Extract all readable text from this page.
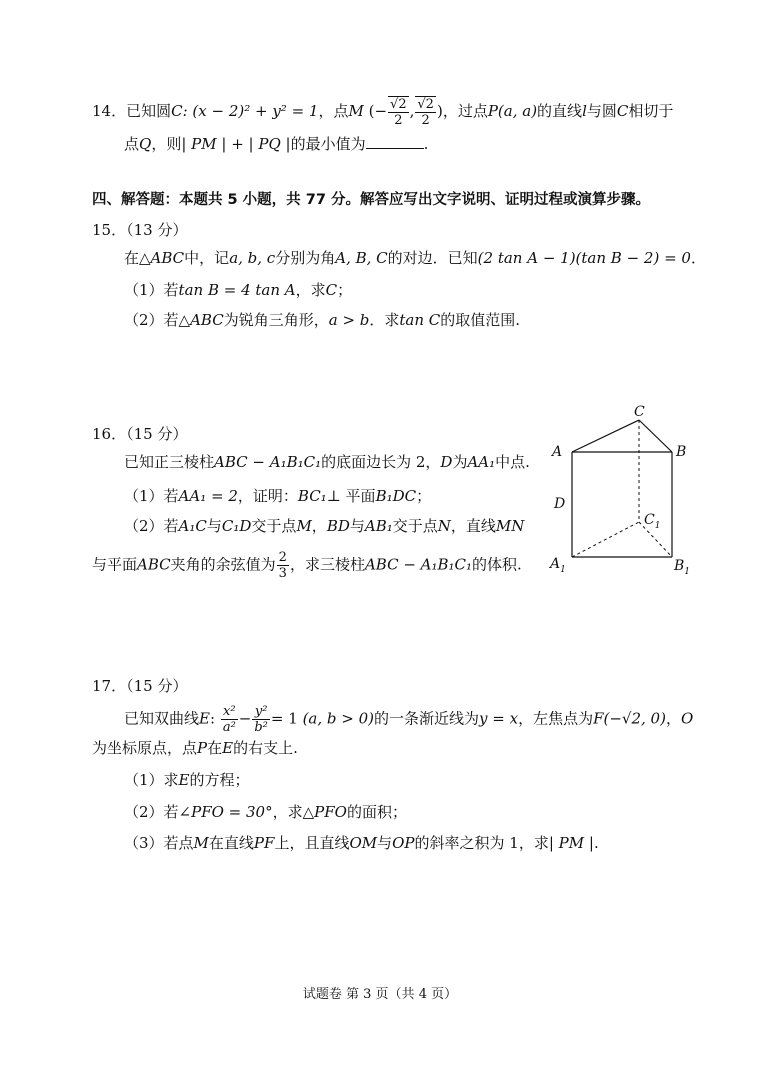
14．已知圆C: (x − 2)² + y² = 1，点M (− $\frac{√2}{2}$ , $\frac{√2}{2}$ )，过点P(a, a)的直线l与圆C相切于
点Q，则| PM | + | PQ |的最小值为	.
四、解答题：本题共 5 小题，共 77 分。解答应写出文字说明、证明过程或演算步骤。
15．（13 分）
在△ABC中，记a, b, c分别为角A, B, C的对边．已知(2 tan A − 1)(tan B − 2) = 0．
（1）若tan B = 4 tan A，求C；
（2）若△ABC为锐角三角形，a > b．求tan C的取值范围.
16．（15 分）
已知正三棱柱ABC − A₁B₁C₁的底面边长为 2，D为AA₁中点.
（1）若AA₁ = 2，证明：BC₁⊥ 平面B₁DC；
（2）若A₁C与C₁D交于点M，BD与AB₁交于点N，直线MN
与平面ABC夹角的余弦值为 $\frac{2}{3}$ ，求三棱柱ABC − A₁B₁C₁的体积.
C
A	B
D
$C_1$
$A_1$	$B_1$
17．（15 分）
已知双曲线E: $\frac{\text{x²}}{\text{a²}} - \frac{\text{y²}}{\text{b²}} = 1$ (a, b > 0)的一条渐近线为y = x，左焦点为F(−√2, 0)，O
为坐标原点，点P在E的右支上.
（1）求E的方程；
（2）若∠PFO = 30°，求△PFO的面积；
（3）若点M在直线PF上，且直线OM与OP的斜率之积为 1，求| PM |.
试题卷 第 3 页（共 4 页）
